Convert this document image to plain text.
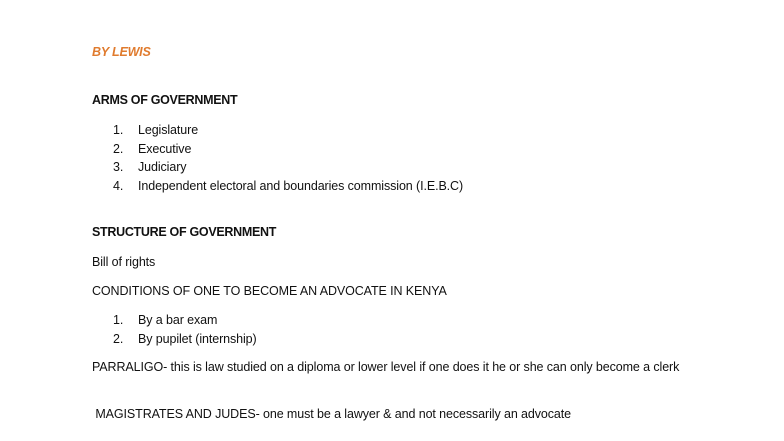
BY LEWIS
ARMS OF GOVERNMENT
1.	Legislature
2.	Executive
3.	Judiciary
4.	Independent electoral and boundaries commission (I.E.B.C)
STRUCTURE OF GOVERNMENT
Bill of rights
CONDITIONS OF ONE TO BECOME AN ADVOCATE IN KENYA
1.	By a bar exam
2.	By pupilet (internship)
PARRALIGO- this is law studied on a diploma or lower level if one does it he or she can only become a clerk
MAGISTRATES AND JUDES- one must be a lawyer & and not necessarily an advocate
